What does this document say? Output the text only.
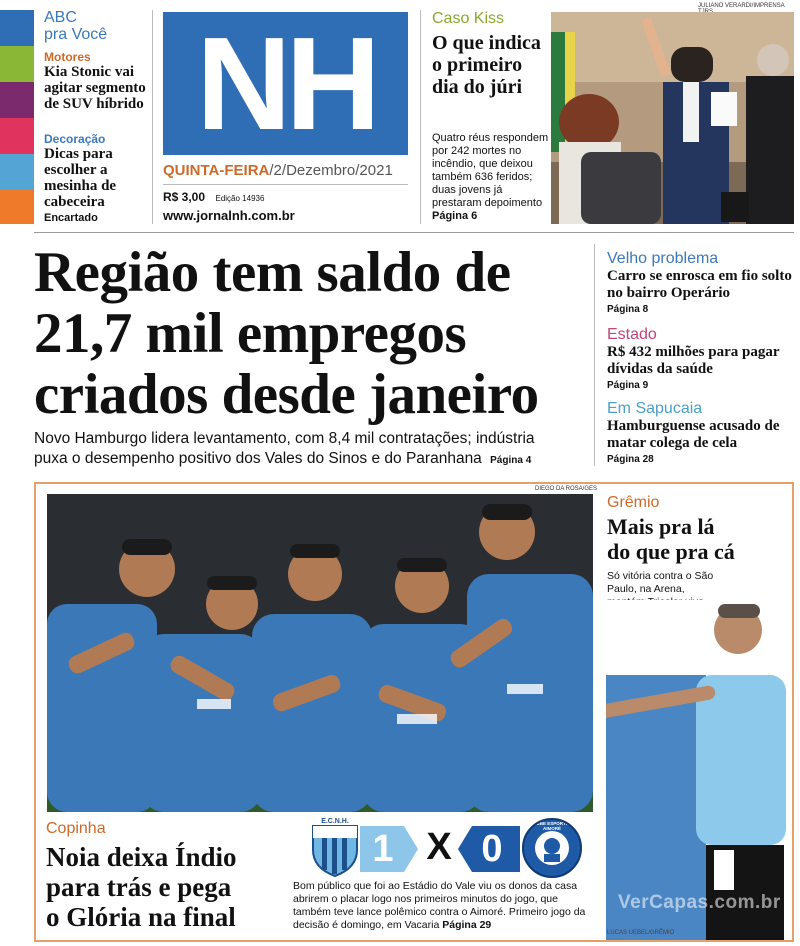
ABC
pra Você
Motores
Kia Stonic vai agitar segmento de SUV híbrido
Decoração
Dicas para escolher a mesinha de cabeceira
Encartado
NH
QUINTA-FEIRA/2/Dezembro/2021
R$ 3,00 Edição 14936
www.jornalnh.com.br
Caso Kiss
O que indica o primeiro dia do júri
Quatro réus respondem por 242 mortes no incêndio, que deixou também 636 feridos; duas jovens já prestaram depoimento Página 6
JULIANO VERARDI/IMPRENSA
Região tem saldo de
21,7 mil empregos
criados desde janeiro
Novo Hamburgo lidera levantamento, com 8,4 mil contratações; indústria
puxa o desempenho positivo dos Vales do Sinos e do Paranhana Página 4
Velho problema
Carro se enrosca em fio solto no bairro Operário
Página 8
Estado
R$ 432 milhões para pagar dívidas da saúde
Página 9
Em Sapucaia
Hamburguense acusado de matar colega de cela
Página 28
DIEGO DA ROSA/GES
Copinha
Noia deixa Índio
para trás e pega
o Glória na final
E.C.N.H.
1 X 0
CLUBE ESPORTIVO AIMORÉ
Bom público que foi ao Estádio do Vale viu os donos da casa abrirem o placar logo nos primeiros minutos do jogo, que também teve lance polêmico contra o Aimoré. Primeiro jogo da decisão é domingo, em Vacaria Página 29
Grêmio
Mais pra lá
do que pra cá
Só vitória contra o São Paulo, na Arena,
LUCAS UEBEL/GRÊMIO
VerCapas.com.br
